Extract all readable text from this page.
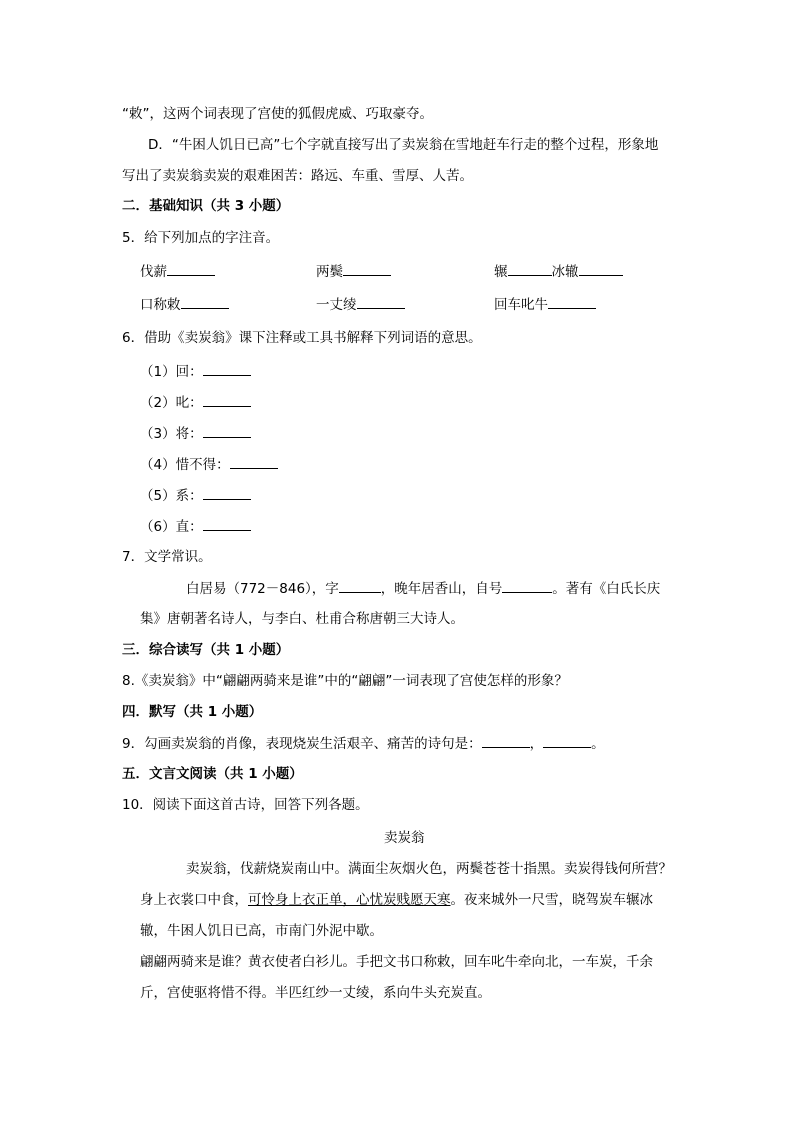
“敕”，这两个词表现了宫使的狐假虎威、巧取豪夺。
D．“牛困人饥日已高”七个字就直接写出了卖炭翁在雪地赶车行走的整个过程，形象地
写出了卖炭翁卖炭的艰难困苦：路远、车重、雪厚、人苦。
二．基础知识（共 3 小题）
5．给下列加点的字注音。
伐薪	两鬓	辗	冰辙
口称敕	一丈绫	回车叱牛
6．借助《卖炭翁》课下注释或工具书解释下列词语的意思。
（1）回：
（2）叱：
（3）将：
（4）惜不得：
（5）系：
（6）直：
7．文学常识。
白居易（772－846），字	，晚年居香山，自号	。著有《白氏长庆
集》唐朝著名诗人，与李白、杜甫合称唐朝三大诗人。
三．综合读写（共 1 小题）
8.《卖炭翁》中“翩翩两骑来是谁”中的“翩翩”一词表现了宫使怎样的形象？
四．默写（共 1 小题）
9．勾画卖炭翁的肖像，表现烧炭生活艰辛、痛苦的诗句是：	，	。
五．文言文阅读（共 1 小题）
10．阅读下面这首古诗，回答下列各题。
卖炭翁
卖炭翁，伐薪烧炭南山中。满面尘灰烟火色，两鬓苍苍十指黑。卖炭得钱何所营？
身上衣裳口中食，可怜身上衣正单，心忧炭贱愿天寒。夜来城外一尺雪，晓驾炭车辗冰
辙，牛困人饥日已高，市南门外泥中歇。
翩翩两骑来是谁？黄衣使者白衫儿。手把文书口称敕，回车叱牛牵向北，一车炭，千余
斤，宫使驱将惜不得。半匹红纱一丈绫，系向牛头充炭直。
